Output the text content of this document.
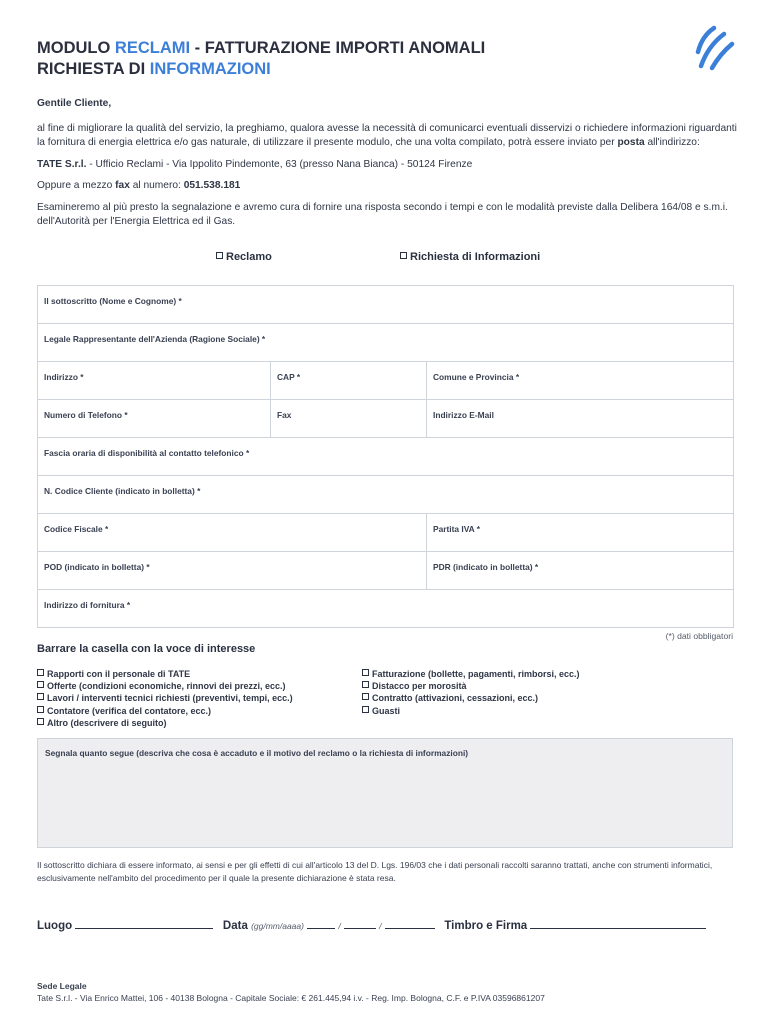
MODULO RECLAMI - FATTURAZIONE IMPORTI ANOMALI
RICHIESTA DI INFORMAZIONI

Gentile Cliente,

al fine di migliorare la qualità del servizio, la preghiamo, qualora avesse la necessità di comunicarci eventuali disservizi o richiedere informazioni riguardanti la fornitura di energia elettrica e/o gas naturale, di utilizzare il presente modulo, che una volta compilato, potrà essere inviato per posta all'indirizzo:

TATE S.r.l. - Ufficio Reclami - Via Ippolito Pindemonte, 63 (presso Nana Bianca) - 50124 Firenze

Oppure a mezzo fax al numero: 051.538.181

Esamineremo al più presto la segnalazione e avremo cura di fornire una risposta secondo i tempi e con le modalità previste dalla Delibera 164/08 e s.m.i. dell'Autorità per l'Energia Elettrica ed il Gas.

Reclamo	Richiesta di Informazioni
Il sottoscritto (Nome e Cognome) *
Legale Rappresentante dell'Azienda (Ragione Sociale) *
Indirizzo *	CAP *	Comune e Provincia *
Numero di Telefono *	Fax	Indirizzo E-Mail
Fascia oraria di disponibilità al contatto telefonico *
N. Codice Cliente (indicato in bolletta) *
Codice Fiscale *	Partita IVA *
POD (indicato in bolletta) *	PDR (indicato in bolletta) *
Indirizzo di fornitura *
(*) dati obbligatori
Barrare la casella con la voce di interesse
Rapporti con il personale di TATE
Offerte (condizioni economiche, rinnovi dei prezzi, ecc.)
Lavori / interventi tecnici richiesti (preventivi, tempi, ecc.)
Contatore (verifica del contatore, ecc.)
Altro (descrivere di seguito)
Fatturazione (bollette, pagamenti, rimborsi, ecc.)
Distacco per morosità
Contratto (attivazioni, cessazioni, ecc.)
Guasti
Segnala quanto segue (descriva che cosa è accaduto e il motivo del reclamo o la richiesta di informazioni)
Il sottoscritto dichiara di essere informato, ai sensi e per gli effetti di cui all'articolo 13 del D. Lgs. 196/03 che i dati personali raccolti saranno trattati, anche con strumenti informatici, esclusivamente nell'ambito del procedimento per il quale la presente dichiarazione è stata resa.
Luogo	Data (gg/mm/aaaa)	/	/	Timbro e Firma
Sede Legale
Tate S.r.l. - Via Enrico Mattei, 106 - 40138 Bologna - Capitale Sociale: € 261.445,94 i.v. - Reg. Imp. Bologna, C.F. e P.IVA 03596861207
